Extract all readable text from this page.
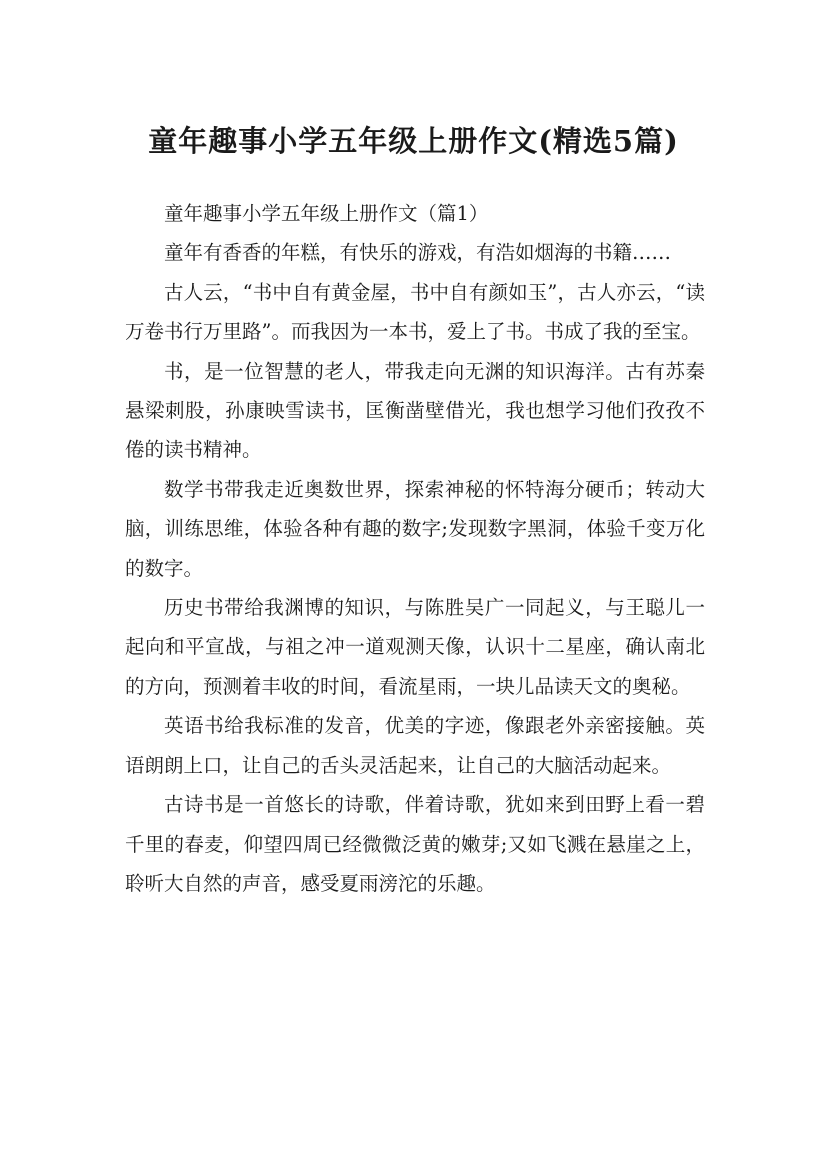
童年趣事小学五年级上册作文(精选5篇)

童年趣事小学五年级上册作文（篇1）

童年有香香的年糕，有快乐的游戏，有浩如烟海的书籍……

古人云，“书中自有黄金屋，书中自有颜如玉”，古人亦云，“读万卷书行万里路”。而我因为一本书，爱上了书。书成了我的至宝。

书，是一位智慧的老人，带我走向无渊的知识海洋。古有苏秦悬梁刺股，孙康映雪读书，匡衡凿壁借光，我也想学习他们孜孜不倦的读书精神。

数学书带我走近奥数世界，探索神秘的怀特海分硬币；转动大脑，训练思维，体验各种有趣的数字;发现数字黑洞，体验千变万化的数字。

历史书带给我渊博的知识，与陈胜吴广一同起义，与王聪儿一起向和平宣战，与祖之冲一道观测天像，认识十二星座，确认南北的方向，预测着丰收的时间，看流星雨，一块儿品读天文的奥秘。

英语书给我标准的发音，优美的字迹，像跟老外亲密接触。英语朗朗上口，让自己的舌头灵活起来，让自己的大脑活动起来。

古诗书是一首悠长的诗歌，伴着诗歌，犹如来到田野上看一碧千里的春麦，仰望四周已经微微泛黄的嫩芽;又如飞溅在悬崖之上，聆听大自然的声音，感受夏雨滂沱的乐趣。
